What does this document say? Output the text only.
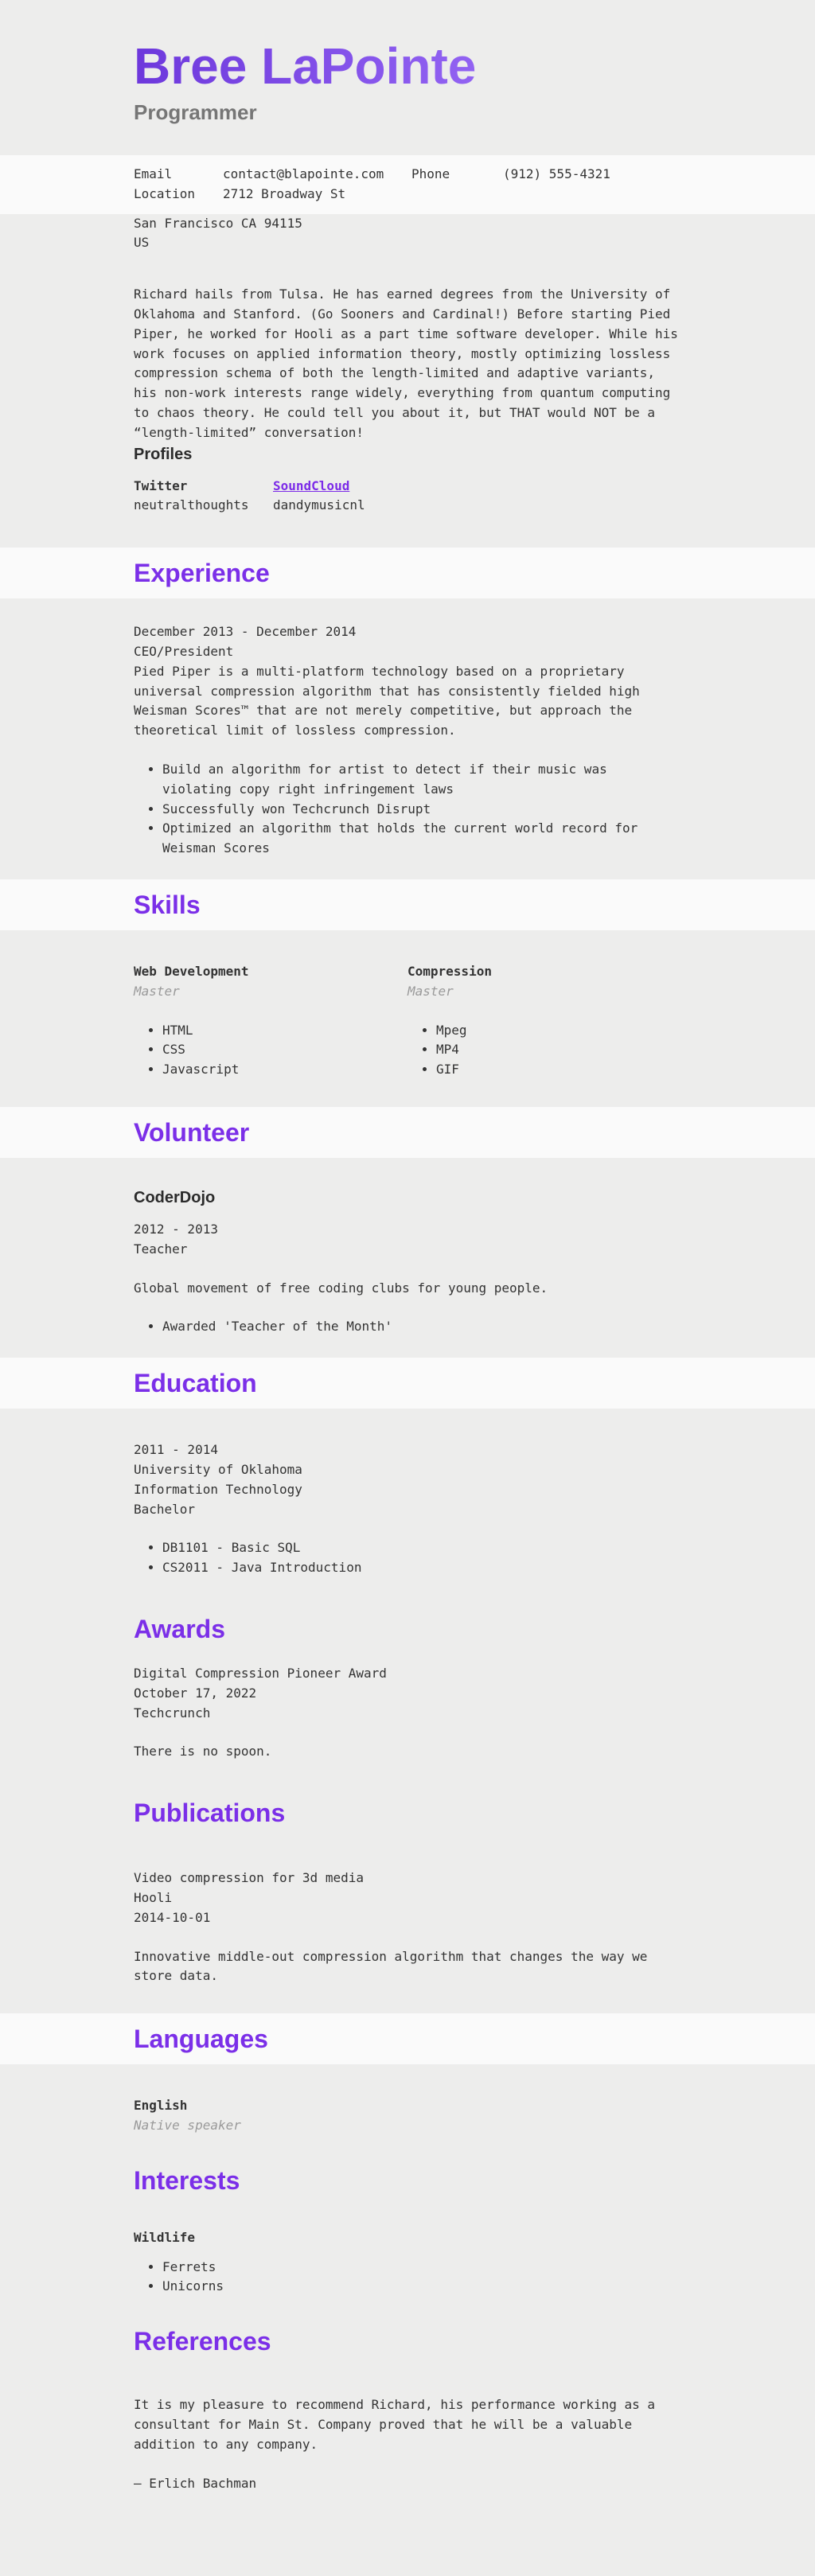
Bree LaPointe
Programmer
Email	contact@blapointe.com	Phone	(912) 555-4321
Location	2712 Broadway St
San Francisco CA 94115
US

Richard hails from Tulsa. He has earned degrees from the University of Oklahoma and Stanford. (Go Sooners and Cardinal!) Before starting Pied Piper, he worked for Hooli as a part time software developer. While his work focuses on applied information theory, mostly optimizing lossless compression schema of both the length-limited and adaptive variants, his non-work interests range widely, everything from quantum computing to chaos theory. He could tell you about it, but THAT would NOT be a “length-limited” conversation!

Profiles
Twitter	SoundCloud
neutralthoughts	dandymusicnl
Experience
December 2013 - December 2014
CEO/President
Pied Piper is a multi-platform technology based on a proprietary universal compression algorithm that has consistently fielded high Weisman Scores™ that are not merely competitive, but approach the theoretical limit of lossless compression.
• Build an algorithm for artist to detect if their music was violating copy right infringement laws
• Successfully won Techcrunch Disrupt
• Optimized an algorithm that holds the current world record for Weisman Scores
Skills
Web Development
Master
• HTML
• CSS
• Javascript
Compression
Master
• Mpeg
• MP4
• GIF
Volunteer
CoderDojo
2012 - 2013
Teacher
Global movement of free coding clubs for young people.
• Awarded 'Teacher of the Month'
Education
2011 - 2014
University of Oklahoma
Information Technology
Bachelor
• DB1101 - Basic SQL
• CS2011 - Java Introduction
Awards
Digital Compression Pioneer Award
October 17, 2022
Techcrunch
There is no spoon.
Publications
Video compression for 3d media
Hooli
2014-10-01
Innovative middle-out compression algorithm that changes the way we store data.
Languages
English
Native speaker
Interests
Wildlife
• Ferrets
• Unicorns
References

It is my pleasure to recommend Richard, his performance working as a consultant for Main St. Company proved that he will be a valuable addition to any company.

— Erlich Bachman
